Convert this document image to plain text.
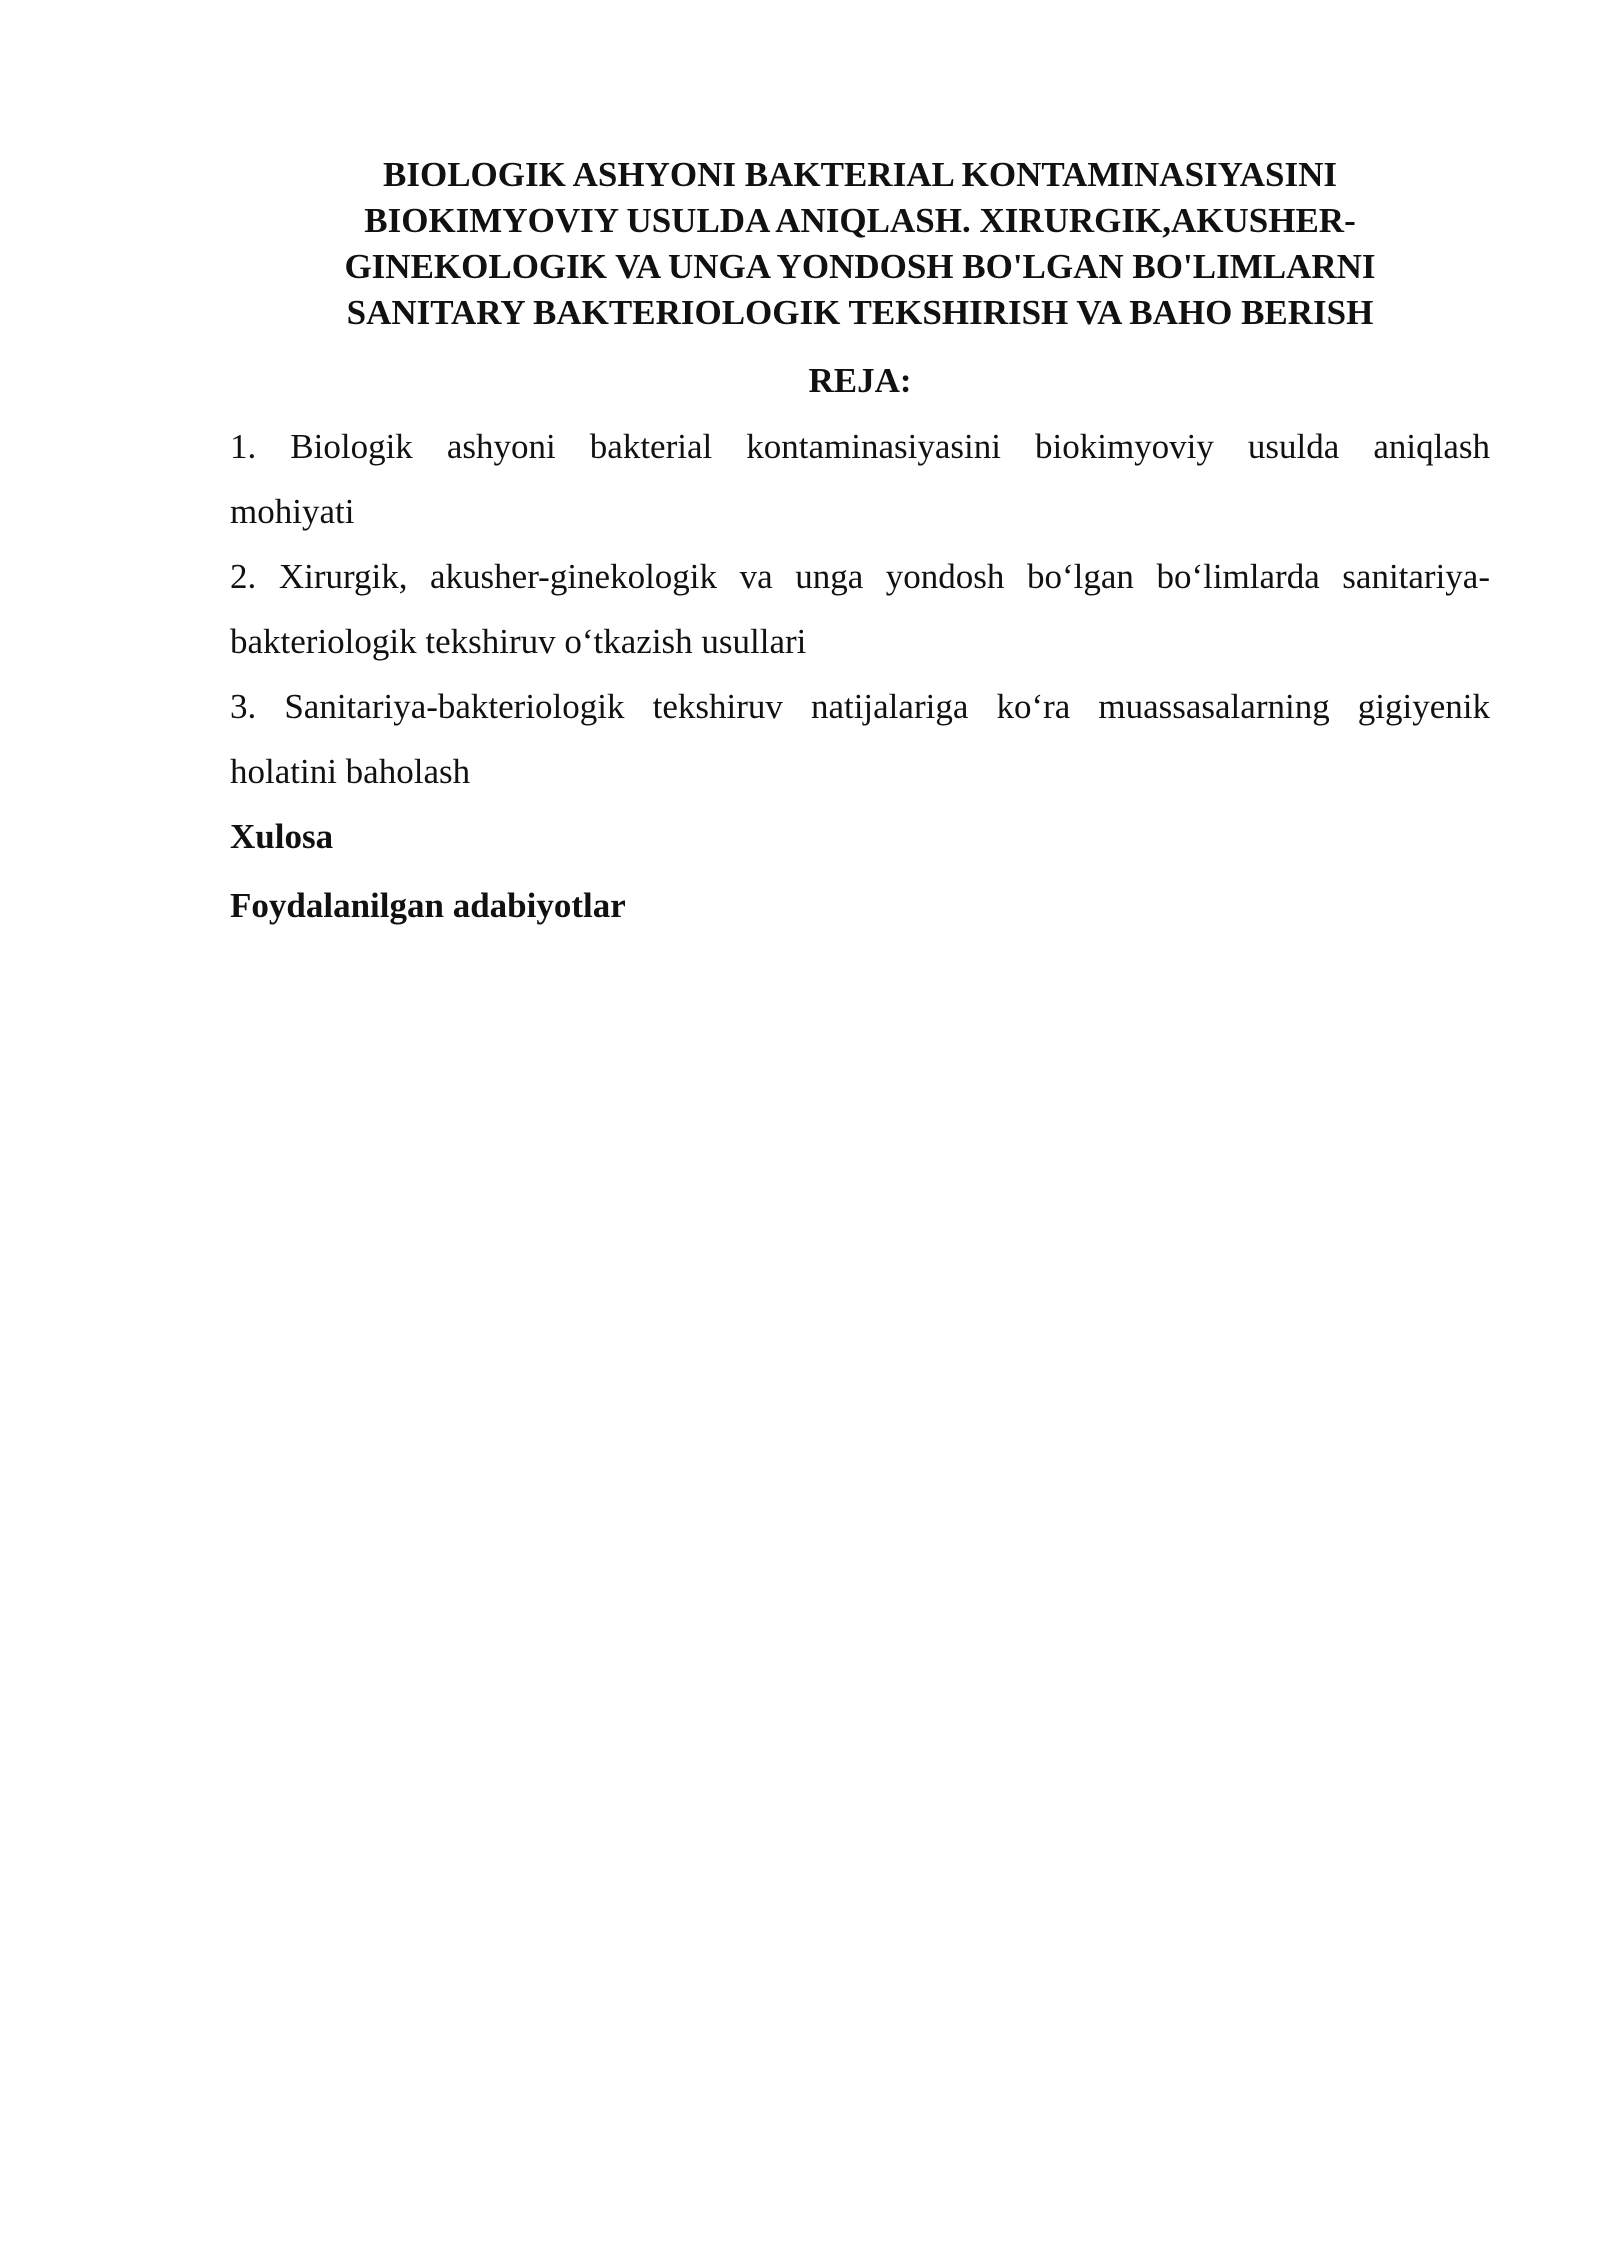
BIOLOGIK ASHYONI BAKTERIAL KONTAMINASIYASINI
BIOKIMYOVIY USULDA ANIQLASH. XIRURGIK,AKUSHER-
GINEKOLOGIK VA UNGA YONDOSH BO'LGAN BO'LIMLARNI
SANITARY BAKTERIOLOGIK TEKSHIRISH VA BAHO BERISH
REJA:
1. Biologik ashyoni bakterial kontaminasiyasini biokimyoviy usulda aniqlash
mohiyati
2. Xirurgik, akusher-ginekologik va unga yondosh bo‘lgan bo‘limlarda sanitariya-
bakteriologik tekshiruv o‘tkazish usullari
3. Sanitariya-bakteriologik tekshiruv natijalariga ko‘ra muassasalarning gigiyenik
holatini baholash
Xulosa
Foydalanilgan adabiyotlar
